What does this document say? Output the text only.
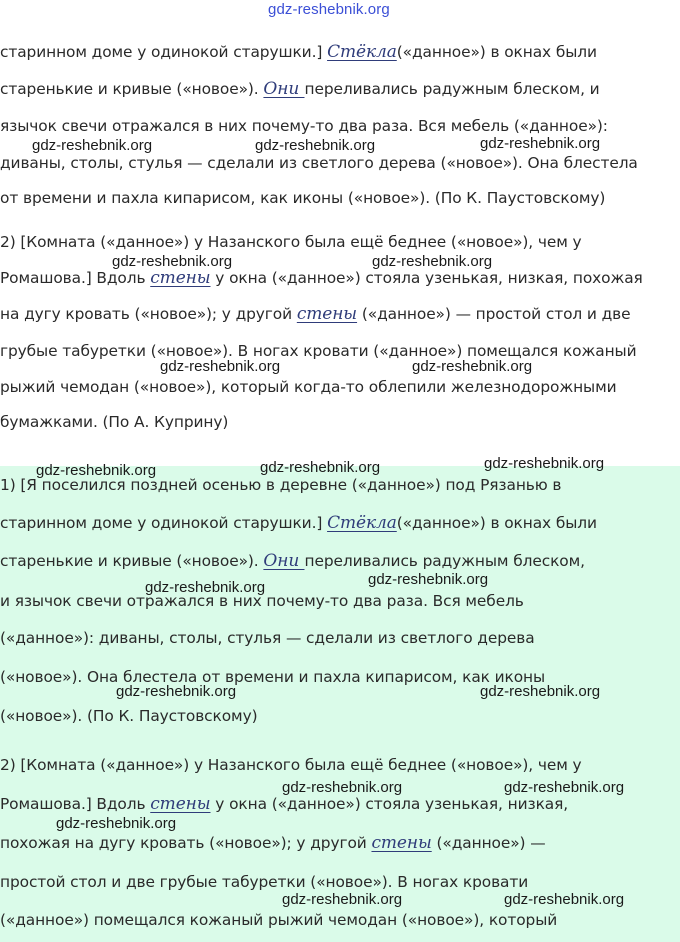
старинном доме у одинокой старушки.] Стёкла(«данное») в окнах были
старенькие и кривые («новое»). Они переливались радужным блеском, и
язычок свечи отражался в них почему-то два раза. Вся мебель («данное»):
диваны, столы, стулья — сделали из светлого дерева («новое»). Она блестела
от времени и пахла кипарисом, как иконы («новое»). (По К. Паустовскому)
2) [Комната («данное») у Назанского была ещё беднее («новое»), чем у
Ромашова.] Вдоль стены у окна («данное») стояла узенькая, низкая, похожая
на дугу кровать («новое»); у другой стены («данное») — простой стол и две
грубые табуретки («новое»). В ногах кровати («данное») помещался кожаный
рыжий чемодан («новое»), который когда-то облепили железнодорожными
бумажками. (По А. Куприну)
1) [Я поселился поздней осенью в деревне («данное») под Рязанью в
старинном доме у одинокой старушки.] Стёкла(«данное») в окнах были
старенькие и кривые («новое»). Они переливались радужным блеском,
и язычок свечи отражался в них почему-то два раза. Вся мебель
(«данное»): диваны, столы, стулья — сделали из светлого дерева
(«новое»). Она блестела от времени и пахла кипарисом, как иконы
(«новое»). (По К. Паустовскому)
2) [Комната («данное») у Назанского была ещё беднее («новое»), чем у
Ромашова.] Вдоль стены у окна («данное») стояла узенькая, низкая,
похожая на дугу кровать («новое»); у другой стены («данное») —
простой стол и две грубые табуретки («новое»). В ногах кровати
(«данное») помещался кожаный рыжий чемодан («новое»), который
gdz-reshebnik.org
gdz-reshebnik.org	gdz-reshebnik.org	gdz-reshebnik.org
gdz-reshebnik.org	gdz-reshebnik.org
gdz-reshebnik.org	gdz-reshebnik.org
gdz-reshebnik.org	gdz-reshebnik.org	gdz-reshebnik.org
gdz-reshebnik.org	gdz-reshebnik.org
gdz-reshebnik.org	gdz-reshebnik.org
gdz-reshebnik.org	gdz-reshebnik.org
gdz-reshebnik.org
gdz-reshebnik.org	gdz-reshebnik.org
